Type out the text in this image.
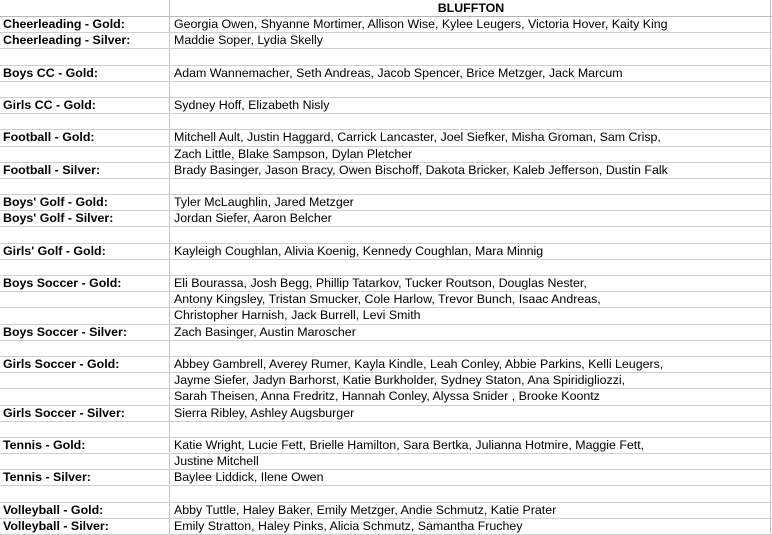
BLUFFTON
Cheerleading - Gold:	Georgia Owen, Shyanne Mortimer, Allison Wise, Kylee Leugers, Victoria Hover, Kaity King
Cheerleading - Silver:	Maddie Soper, Lydia Skelly
Boys CC - Gold:	Adam Wannemacher, Seth Andreas, Jacob Spencer, Brice Metzger, Jack Marcum
Girls CC - Gold:	Sydney Hoff, Elizabeth Nisly
Football - Gold:	Mitchell Ault, Justin Haggard, Carrick Lancaster, Joel Siefker, Misha Groman, Sam Crisp,
Zach Little, Blake Sampson, Dylan Pletcher
Football - Silver:	Brady Basinger, Jason Bracy, Owen Bischoff, Dakota Bricker, Kaleb Jefferson, Dustin Falk
Boys' Golf - Gold:	Tyler McLaughlin, Jared Metzger
Boys' Golf - Silver:	Jordan Siefer, Aaron Belcher
Girls' Golf - Gold:	Kayleigh Coughlan, Alivia Koenig, Kennedy Coughlan, Mara Minnig
Boys Soccer - Gold:	Eli Bourassa, Josh Begg, Phillip Tatarkov, Tucker Routson, Douglas Nester,
Antony Kingsley, Tristan Smucker, Cole Harlow, Trevor Bunch, Isaac Andreas,
Christopher Harnish, Jack Burrell, Levi Smith
Boys Soccer - Silver:	Zach Basinger, Austin Maroscher
Girls Soccer - Gold:	Abbey Gambrell, Averey Rumer, Kayla Kindle, Leah Conley, Abbie Parkins, Kelli Leugers,
Jayme Siefer, Jadyn Barhorst, Katie Burkholder, Sydney Staton, Ana Spiridigliozzi,
Sarah Theisen, Anna Fredritz, Hannah Conley, Alyssa Snider , Brooke Koontz
Girls Soccer - Silver:	Sierra Ribley, Ashley Augsburger
Tennis - Gold:	Katie Wright, Lucie Fett, Brielle Hamilton, Sara Bertka, Julianna Hotmire, Maggie Fett,
Justine Mitchell
Tennis - Silver:	Baylee Liddick, Ilene Owen
Volleyball - Gold:	Abby Tuttle, Haley Baker, Emily Metzger, Andie Schmutz, Katie Prater
Volleyball - Silver:	Emily Stratton, Haley Pinks, Alicia Schmutz, Samantha Fruchey
